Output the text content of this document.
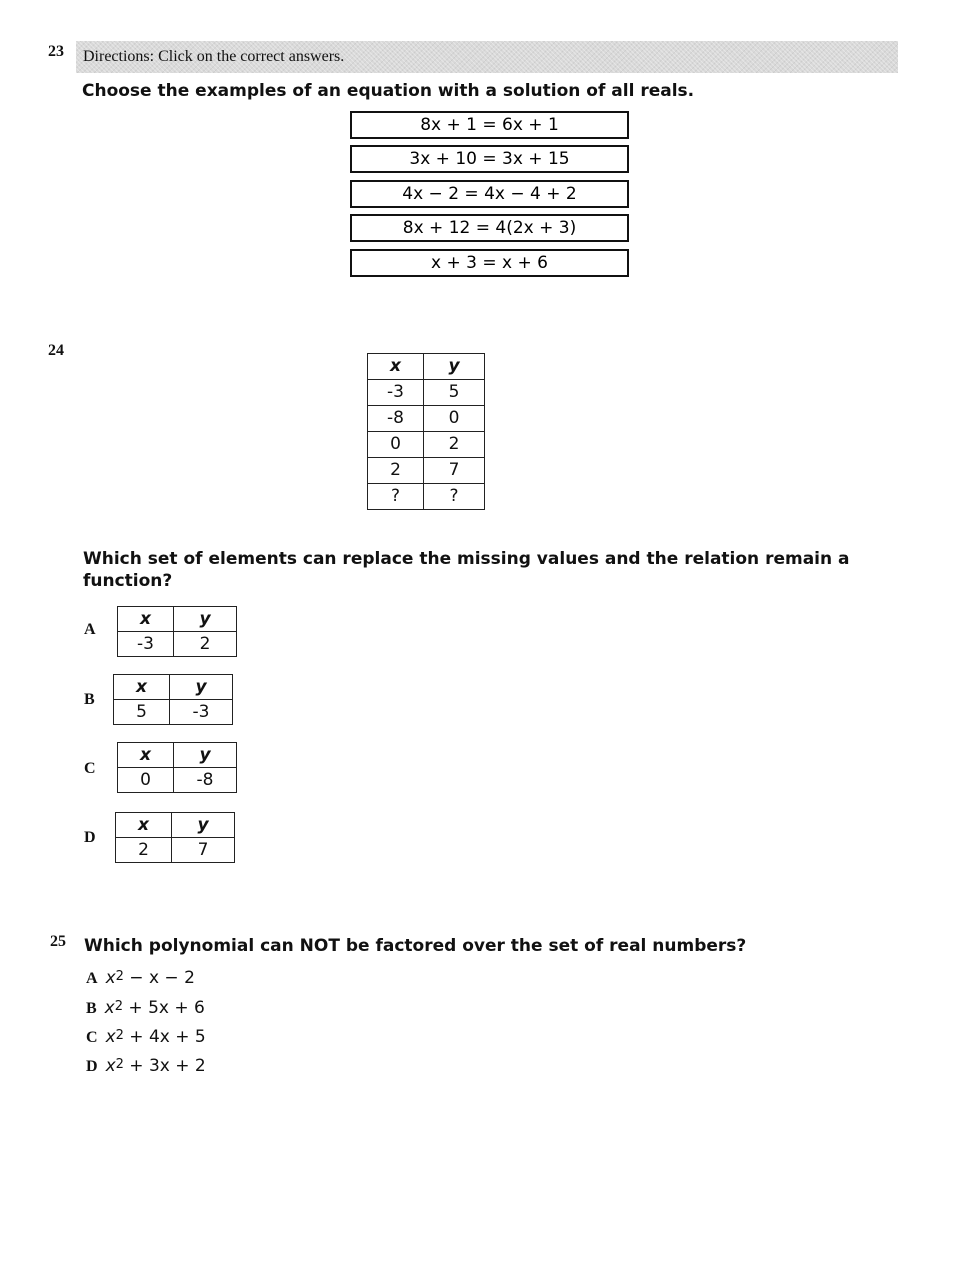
23	Directions: Click on the correct answers.
Choose the examples of an equation with a solution of all reals.
8x + 1 = 6x + 1
3x + 10 = 3x + 15
4x − 2 = 4x − 4 + 2
8x + 12 = 4(2x + 3)
x + 3 = x + 6
24
x	y
-3	5
-8	0
0	2
2	7
?	?
Which set of elements can replace the missing values and the relation remain a
function?
A
x	y
-3	2
B
x	y
5	-3
C
x	y
0	-8
D
x	y
2	7
25 Which polynomial can NOT be factored over the set of real numbers?
A $x^2 - x - 2$
B $x^2 + 5x + 6$
C $x^2 + 4x + 5$
D $x^2 + 3x + 2$
